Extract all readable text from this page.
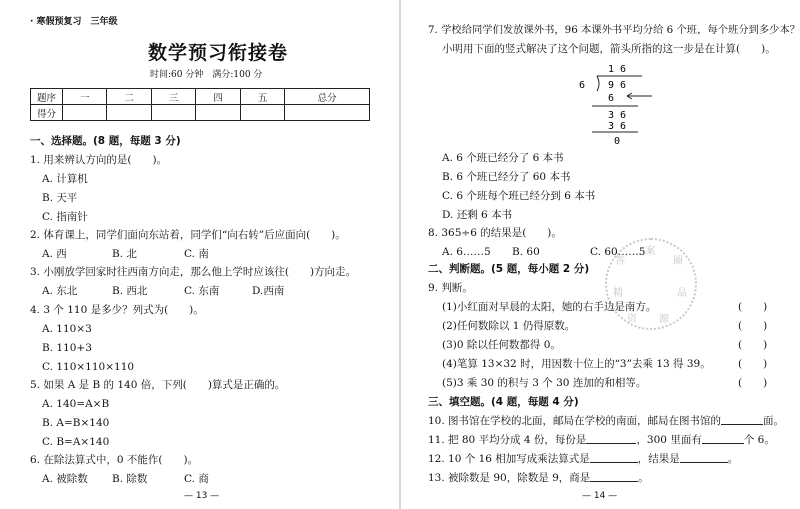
· 寒假预复习　三年级
数学预习衔接卷
时间:60 分钟　满分:100 分
题序	一	二	三	四	五	总分
得分						
一、选择题。(8 题，每题 3 分)
1. 用来辨认方向的是(　　)。
A. 计算机
B. 天平
C. 指南针
2. 体育课上，同学们面向东站着，同学们“向右转”后应面向(　　)。
A. 西	B. 北	C. 南
3. 小刚放学回家时往西南方向走，那么他上学时应该往(　　)方向走。
A. 东北	B. 西北	C. 东南	D.西南
4. 3 个 110 是多少？列式为(　　)。
A. 110×3
B. 110+3
C. 110×110×110
5. 如果 A 是 B 的 140 倍，下列(　　)算式是正确的。
A. 140=A×B
B. A=B×140
C. B=A×140
6. 在除法算式中，0 不能作(　　)。
A. 被除数 B. 除数	C. 商
— 13 —
7. 学校给同学们发放课外书，96 本课外书平均分给 6 个班，每个班分到多少本？
小明用下面的竖式解决了这个问题，箭头所指的这一步是在计算(　　)。
1 6
6 9 6
6
3 6
3 6
0
A. 6 个班已经分了 6 本书
B. 6 个班已经分了 60 本书
C. 6 个班每个班已经分到 6 本书
D. 还剩 6 本书
8. 365÷6 的结果是(　　)。
A. 6……5 B. 60	C. 60……5
答
案
圈
精	品
资 源
二、判断题。(5 题，每小题 2 分)
9. 判断。
(1)小红面对早晨的太阳，她的右手边是南方。	(　　)
(2)任何数除以 1 仍得原数。	(　　)
(3)0 除以任何数都得 0。	(　　)
(4)笔算 13×32 时，用因数十位上的“3”去乘 13 得 39。	(　　)
(5)3 乘 30 的积与 3 个 30 连加的和相等。	(　　)
三、填空题。(4 题，每题 4 分)
10. 图书馆在学校的北面，邮局在学校的南面，邮局在图书馆的	面。
11. 把 80 平均分成 4 份，每份是	，300 里面有	个 6。
12. 10 个 16 相加写成乘法算式是	，结果是	。
13. 被除数是 90，除数是 9，商是	。
— 14 —
